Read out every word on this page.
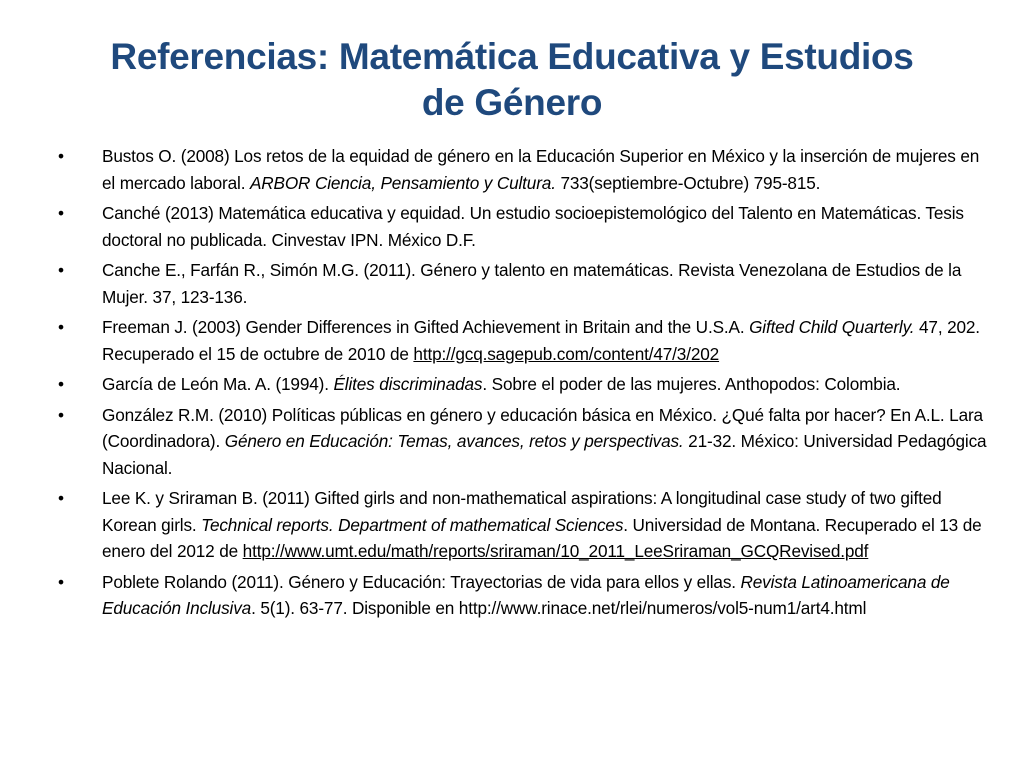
Referencias: Matemática Educativa y Estudios
de Género
•	Bustos O. (2008) Los retos de la equidad de género en la Educación Superior en México y la inserción de mujeres en el mercado laboral. ARBOR Ciencia, Pensamiento y Cultura. 733(septiembre-Octubre) 795-815.
•	Canché (2013) Matemática educativa y equidad. Un estudio socioepistemológico del Talento en Matemáticas. Tesis doctoral no publicada. Cinvestav IPN. México D.F.
•	Canche E., Farfán R., Simón M.G. (2011). Género y talento en matemáticas. Revista Venezolana de Estudios de la Mujer. 37, 123-136.
•	Freeman J. (2003) Gender Differences in Gifted Achievement in Britain and the U.S.A. Gifted Child Quarterly. 47, 202. Recuperado el 15 de octubre de 2010 de http://gcq.sagepub.com/content/47/3/202
•	García de León Ma. A. (1994). Élites discriminadas. Sobre el poder de las mujeres. Anthopodos: Colombia.
•	González R.M. (2010) Políticas públicas en género y educación básica en México. ¿Qué falta por hacer? En A.L. Lara (Coordinadora). Género en Educación: Temas, avances, retos y perspectivas. 21-32. México: Universidad Pedagógica Nacional.
•	Lee K. y Sriraman B. (2011) Gifted girls and non-mathematical aspirations: A longitudinal case study of two gifted Korean girls. Technical reports. Department of mathematical Sciences. Universidad de Montana. Recuperado el 13 de enero del 2012 de http://www.umt.edu/math/reports/sriraman/10_2011_LeeSriraman_GCQRevised.pdf
•	Poblete Rolando (2011). Género y Educación: Trayectorias de vida para ellos y ellas. Revista Latinoamericana de Educación Inclusiva. 5(1). 63-77. Disponible en http://www.rinace.net/rlei/numeros/vol5-num1/art4.html
